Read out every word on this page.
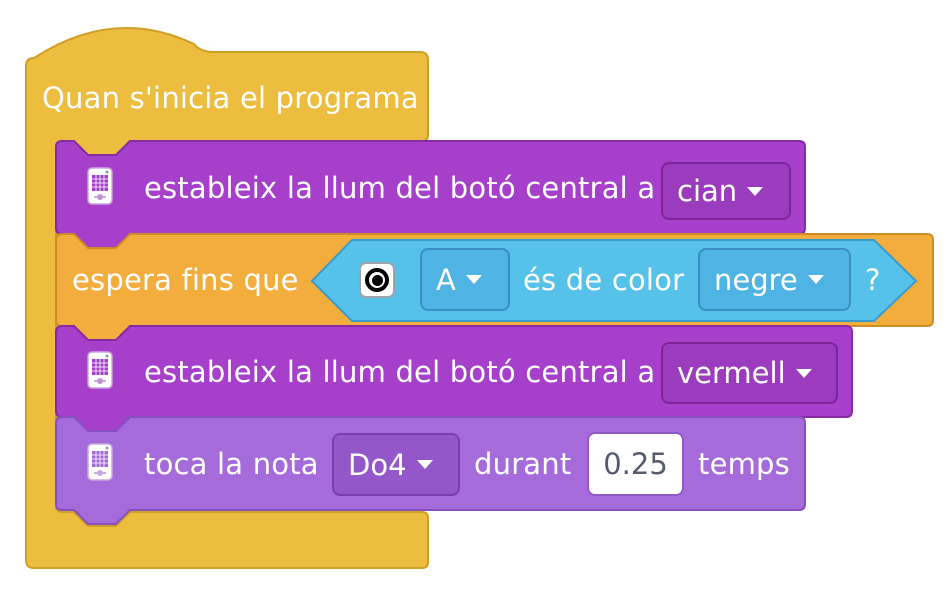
Quan s'inicia el programa
estableix la llum del botó central a cian
espera fins que	A és de color negre ?
estableix la llum del botó central a vermell
toca la nota Do4 durant	0.25	temps
